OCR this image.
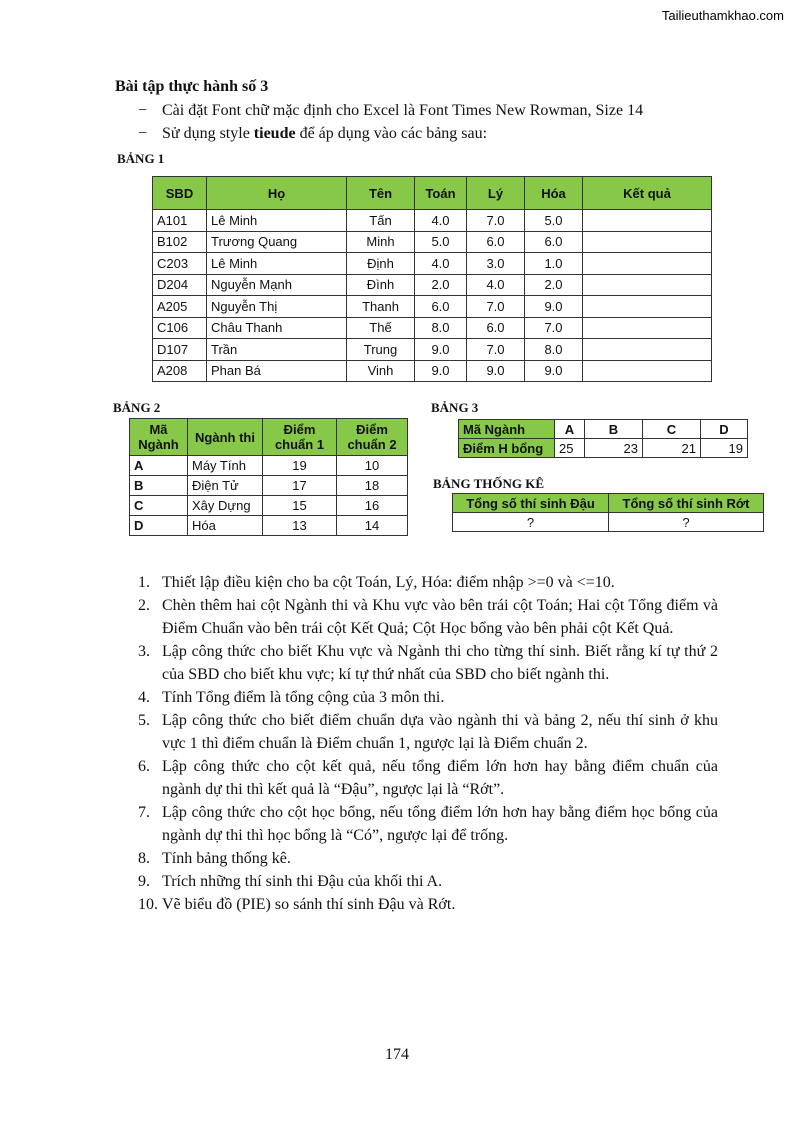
Tailieuthamkhao.com
Bài tập thực hành số 3
− Cài đặt Font chữ mặc định cho Excel là Font Times New Rowman, Size 14
− Sử dụng style tieude để áp dụng vào các bảng sau:
BẢNG 1
SBD	Họ	Tên	Toán	Lý	Hóa	Kết quả
A101	Lê Minh	Tấn	4.0	7.0	5.0	
B102	Trương Quang	Minh	5.0	6.0	6.0	
C203	Lê Minh	Định	4.0	3.0	1.0	
D204	Nguyễn Mạnh	Đình	2.0	4.0	2.0	
A205	Nguyễn Thị	Thanh	6.0	7.0	9.0	
C106	Châu Thanh	Thế	8.0	6.0	7.0	
D107	Trần	Trung	9.0	7.0	8.0	
A208	Phan Bá	Vinh	9.0	9.0	9.0	
BẢNG 2
Mã Ngành	Ngành thi	Điểm chuẩn 1	Điểm chuẩn 2
A	Máy Tính	19	10
B	Điện Tử	17	18
C	Xây Dựng	15	16
D	Hóa	13	14
BẢNG 3
Mã Ngành	A	B	C	D
Điểm H bổng	25	23	21	19
BẢNG THỐNG KÊ
Tổng số thí sinh Đậu	Tổng số thí sinh Rớt
?	?
1. Thiết lập điều kiện cho ba cột Toán, Lý, Hóa: điểm nhập >=0 và <=10.
2. Chèn thêm hai cột Ngành thi và Khu vực vào bên trái cột Toán; Hai cột Tổng điểm và Điểm Chuẩn vào bên trái cột Kết Quả; Cột Học bổng vào bên phải cột Kết Quả.
3. Lập công thức cho biết Khu vực và Ngành thi cho từng thí sinh. Biết rằng kí tự thứ 2 của SBD cho biết khu vực; kí tự thứ nhất của SBD cho biết ngành thi.
4. Tính Tổng điểm là tổng cộng của 3 môn thi.
5. Lập công thức cho biết điểm chuẩn dựa vào ngành thi và bảng 2, nếu thí sinh ở khu vực 1 thì điểm chuẩn là Điểm chuẩn 1, ngược lại là Điểm chuẩn 2.
6. Lập công thức cho cột kết quả, nếu tổng điểm lớn hơn hay bằng điểm chuẩn của ngành dự thi thì kết quả là “Đậu”, ngược lại là “Rớt”.
7. Lập công thức cho cột học bổng, nếu tổng điểm lớn hơn hay bằng điểm học bổng của ngành dự thi thì học bổng là “Có”, ngược lại để trống.
8. Tính bảng thống kê.
9. Trích những thí sinh thi Đậu của khối thi A.
10. Vẽ biểu đồ (PIE) so sánh thí sinh Đậu và Rớt.
174
